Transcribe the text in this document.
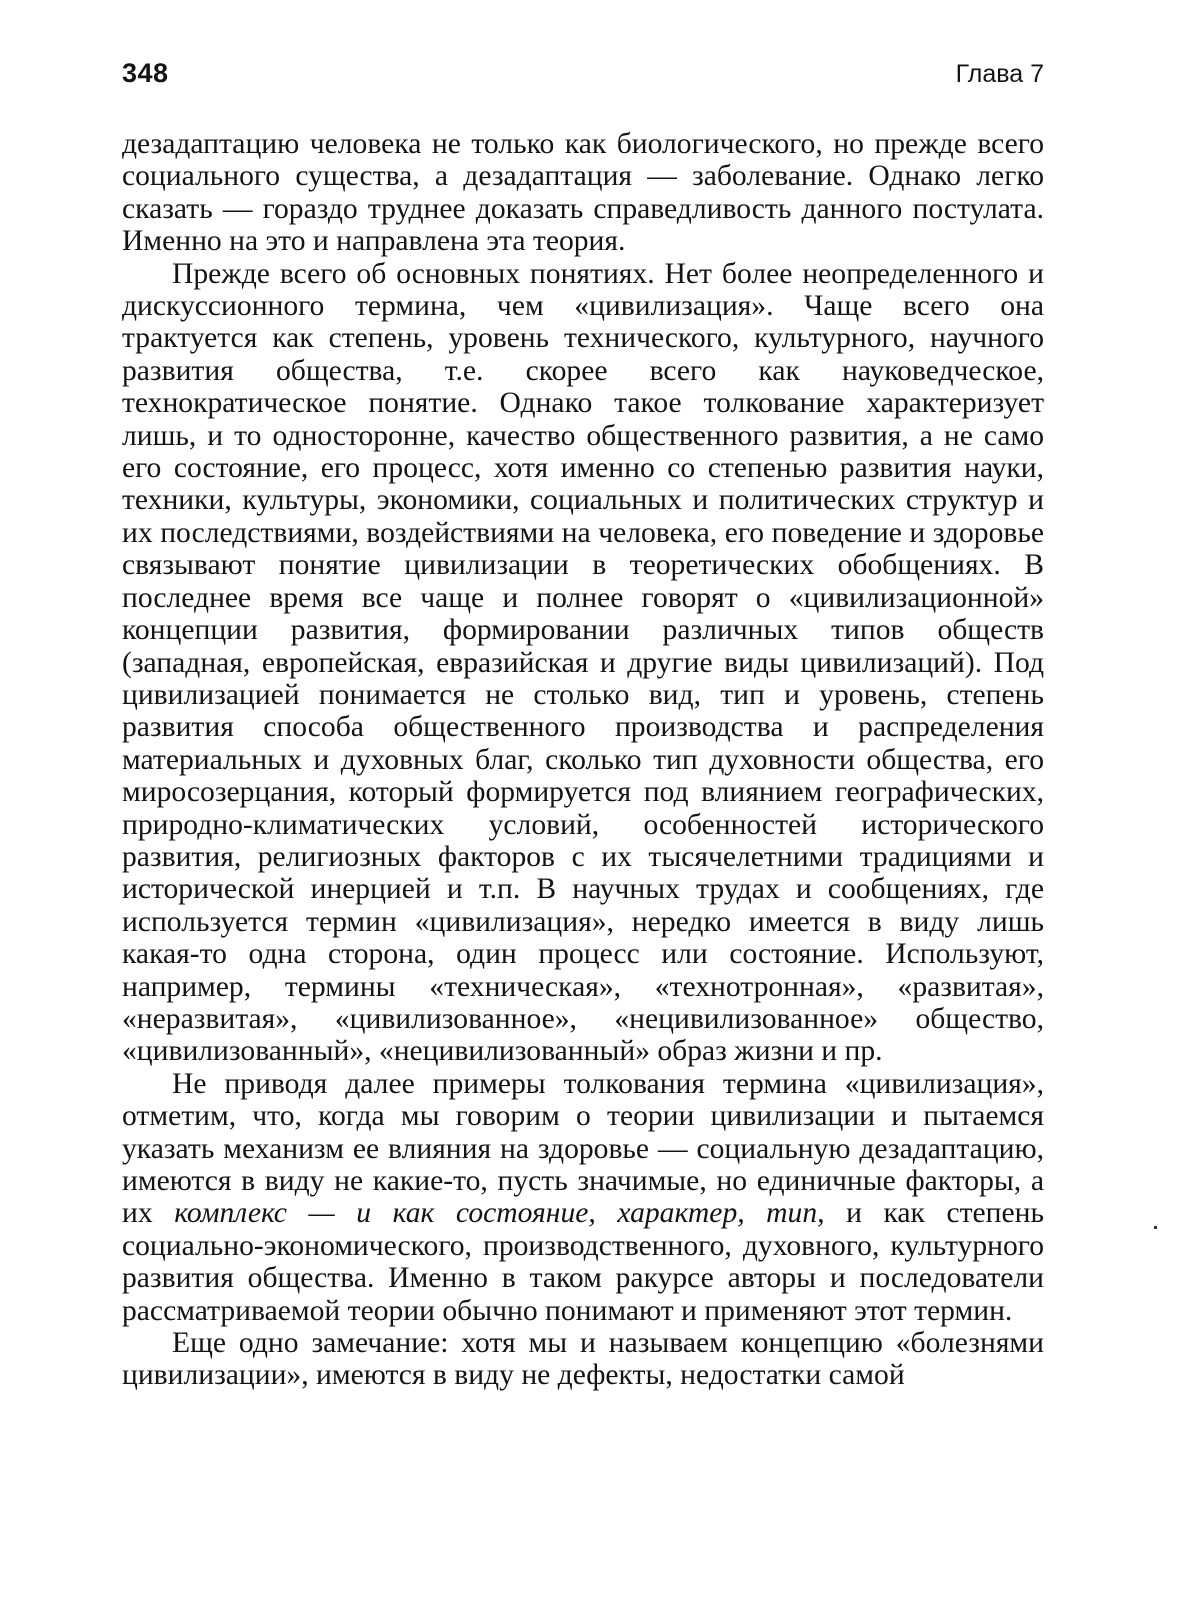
348	Глава 7

дезадаптацию человека не только как биологического, но прежде всего социального существа, а дезадаптация — заболевание. Однако легко сказать — гораздо труднее доказать справедливость данного постулата. Именно на это и направлена эта теория.

Прежде всего об основных понятиях. Нет более неопределенного и дискуссионного термина, чем «цивилизация». Чаще всего она трактуется как степень, уровень технического, культурного, научного развития общества, т.е. скорее всего как науковедческое, технократическое понятие. Однако такое толкование характеризует лишь, и то односторонне, качество общественного развития, а не само его состояние, его процесс, хотя именно со степенью развития науки, техники, культуры, экономики, социальных и политических структур и их последствиями, воздействиями на человека, его поведение и здоровье связывают понятие цивилизации в теоретических обобщениях. В последнее время все чаще и полнее говорят о «цивилизационной» концепции развития, формировании различных типов обществ (западная, европейская, евразийская и другие виды цивилизаций). Под цивилизацией понимается не столько вид, тип и уровень, степень развития способа общественного производства и распределения материальных и духовных благ, сколько тип духовности общества, его миросозерцания, который формируется под влиянием географических, природно-климатических условий, особенностей исторического развития, религиозных факторов с их тысячелетними традициями и исторической инерцией и т.п. В научных трудах и сообщениях, где используется термин «цивилизация», нередко имеется в виду лишь какая-то одна сторона, один процесс или состояние. Используют, например, термины «техническая», «технотронная», «развитая», «неразвитая», «цивилизованное», «нецивилизованное» общество, «цивилизованный», «нецивилизованный» образ жизни и пр.

Не приводя далее примеры толкования термина «цивилизация», отметим, что, когда мы говорим о теории цивилизации и пытаемся указать механизм ее влияния на здоровье — социальную дезадаптацию, имеются в виду не какие-то, пусть значимые, но единичные факторы, а их комплекс — и как состояние, характер, тип, и как степень социально-экономического, производственного, духовного, культурного развития общества. Именно в таком ракурсе авторы и последователи рассматриваемой теории обычно понимают и применяют этот термин.

Еще одно замечание: хотя мы и называем концепцию «болезнями цивилизации», имеются в виду не дефекты, недостатки самой
